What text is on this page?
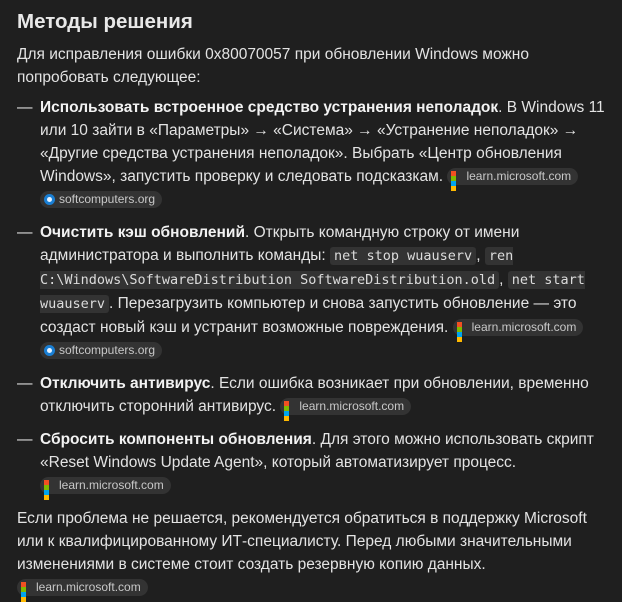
Методы решения

Для исправления ошибки 0x80070057 при обновлении Windows можно попробовать следующее:

— Использовать встроенное средство устранения неполадок. В Windows 11 или 10 зайти в «Параметры» → «Система» → «Устранение неполадок» → «Другие средства устранения неполадок». Выбрать «Центр обновления Windows», запустить проверку и следовать подсказкам. learn.microsoft.com softcomputers.org
— Очистить кэш обновлений. Открыть командную строку от имени администратора и выполнить команды: net stop wuauserv , ren C:\Windows\SoftwareDistribution SoftwareDistribution.old , net start wuauserv . Перезагрузить компьютер и снова запустить обновление — это создаст новый кэш и устранит возможные повреждения. learn.microsoft.com softcomputers.org
— Отключить антивирус. Если ошибка возникает при обновлении, временно отключить сторонний антивирус. learn.microsoft.com
— Сбросить компоненты обновления. Для этого можно использовать скрипт «Reset Windows Update Agent», который автоматизирует процесс.
learn.microsoft.com

Если проблема не решается, рекомендуется обратиться в поддержку Microsoft или к квалифицированному ИТ-специалисту. Перед любыми значительными изменениями в системе стоит создать резервную копию данных.
learn.microsoft.com
